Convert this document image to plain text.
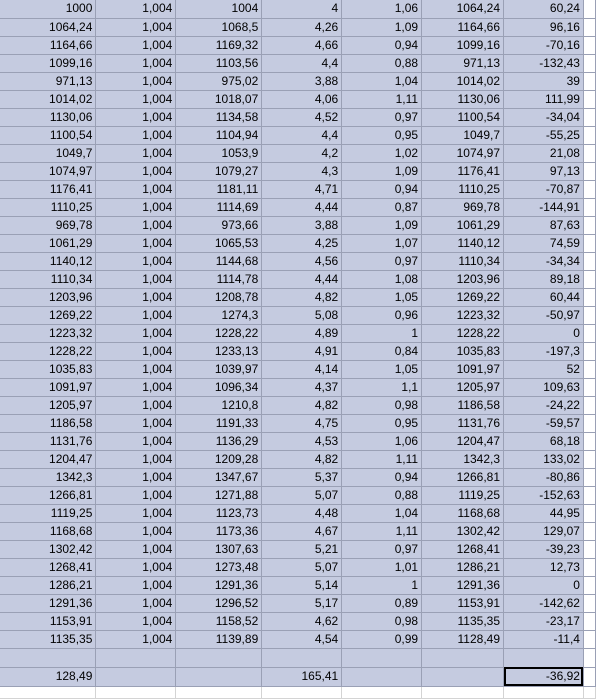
1000	1,004	1004	4	1,06	1064,24	60,24	
1064,24	1,004	1068,5	4,26	1,09	1164,66	96,16	
1164,66	1,004	1169,32	4,66	0,94	1099,16	-70,16	
1099,16	1,004	1103,56	4,4	0,88	971,13	-132,43	
971,13	1,004	975,02	3,88	1,04	1014,02	39	
1014,02	1,004	1018,07	4,06	1,11	1130,06	111,99	
1130,06	1,004	1134,58	4,52	0,97	1100,54	-34,04	
1100,54	1,004	1104,94	4,4	0,95	1049,7	-55,25	
1049,7	1,004	1053,9	4,2	1,02	1074,97	21,08	
1074,97	1,004	1079,27	4,3	1,09	1176,41	97,13	
1176,41	1,004	1181,11	4,71	0,94	1110,25	-70,87	
1110,25	1,004	1114,69	4,44	0,87	969,78	-144,91	
969,78	1,004	973,66	3,88	1,09	1061,29	87,63	
1061,29	1,004	1065,53	4,25	1,07	1140,12	74,59	
1140,12	1,004	1144,68	4,56	0,97	1110,34	-34,34	
1110,34	1,004	1114,78	4,44	1,08	1203,96	89,18	
1203,96	1,004	1208,78	4,82	1,05	1269,22	60,44	
1269,22	1,004	1274,3	5,08	0,96	1223,32	-50,97	
1223,32	1,004	1228,22	4,89	1	1228,22	0	
1228,22	1,004	1233,13	4,91	0,84	1035,83	-197,3	
1035,83	1,004	1039,97	4,14	1,05	1091,97	52	
1091,97	1,004	1096,34	4,37	1,1	1205,97	109,63	
1205,97	1,004	1210,8	4,82	0,98	1186,58	-24,22	
1186,58	1,004	1191,33	4,75	0,95	1131,76	-59,57	
1131,76	1,004	1136,29	4,53	1,06	1204,47	68,18	
1204,47	1,004	1209,28	4,82	1,11	1342,3	133,02	
1342,3	1,004	1347,67	5,37	0,94	1266,81	-80,86	
1266,81	1,004	1271,88	5,07	0,88	1119,25	-152,63	
1119,25	1,004	1123,73	4,48	1,04	1168,68	44,95	
1168,68	1,004	1173,36	4,67	1,11	1302,42	129,07	
1302,42	1,004	1307,63	5,21	0,97	1268,41	-39,23	
1268,41	1,004	1273,48	5,07	1,01	1286,21	12,73	
1286,21	1,004	1291,36	5,14	1	1291,36	0	
1291,36	1,004	1296,52	5,17	0,89	1153,91	-142,62	
1153,91	1,004	1158,52	4,62	0,98	1135,35	-23,17	
1135,35	1,004	1139,89	4,54	0,99	1128,49	-11,4	

128,49			165,41			-36,92	
